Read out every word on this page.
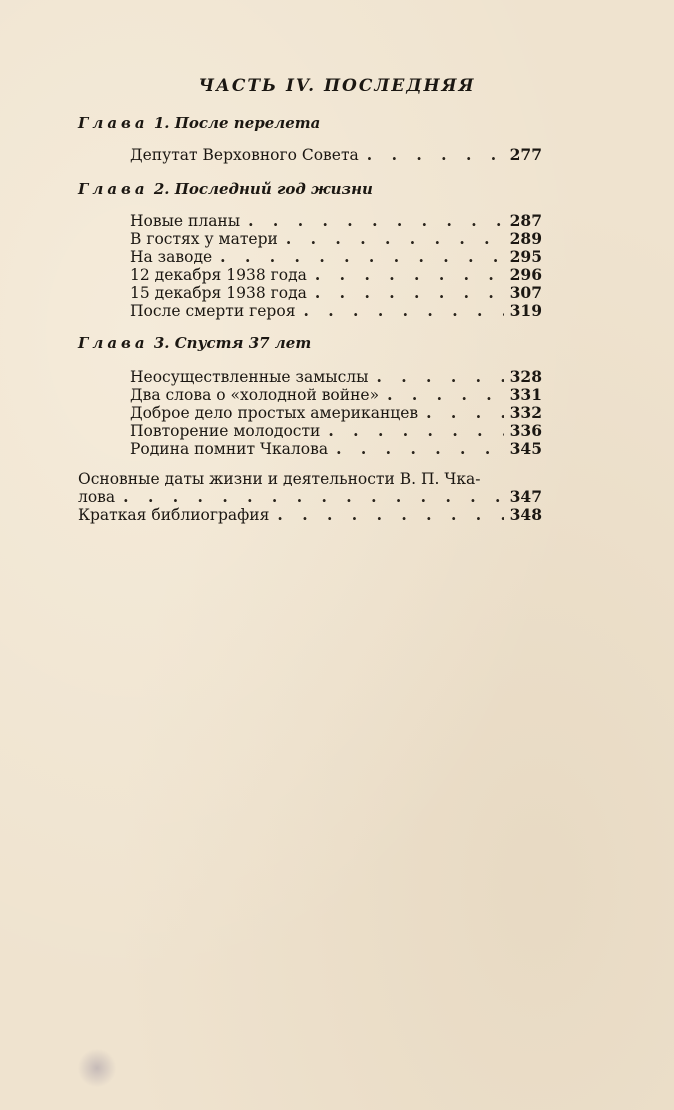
ЧАСТЬ IV. ПОСЛЕДНЯЯ

Глава 1. После перелета

Депутат Верховного Совета . . .	277

Глава 2. Последний год жизни

Новые планы . . .	287
В гостях у матери . . .	289
На заводе . . .	295
12 декабря 1938 года . . .	296
15 декабря 1938 года . . .	307
После смерти героя . . .	319

Глава 3. Спустя 37 лет

Неосуществленные замыслы . . .	328
Два слова о «холодной войне» . . .	331
Доброе дело простых американцев . . .	332
Повторение молодости . . .	336
Родина помнит Чкалова . . .	345
Основные даты жизни и деятельности В. П. Чка-
лова . . .	347
Краткая библиография . . .	348
